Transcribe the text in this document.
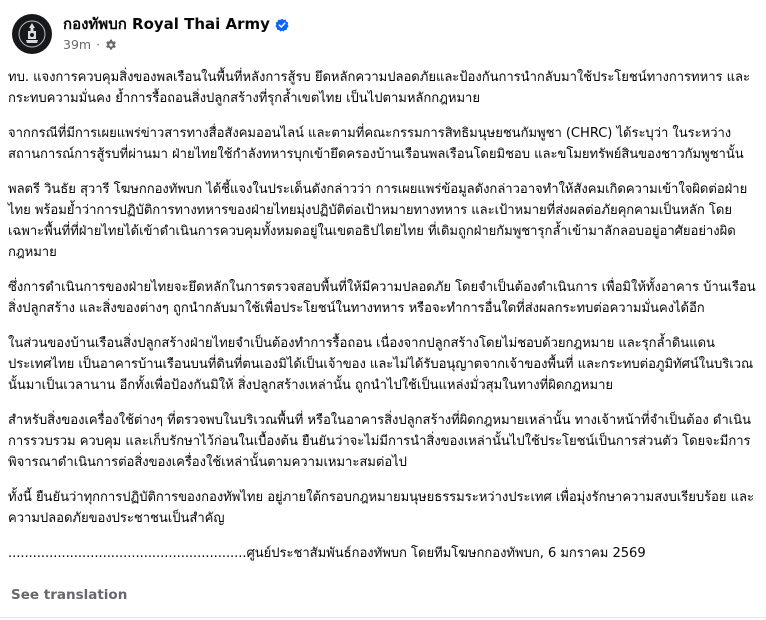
กองทัพบก Royal Thai Army
39m ·

ทบ. แจงการควบคุมสิ่งของพลเรือนในพื้นที่หลังการสู้รบ ยึดหลักความปลอดภัยและป้องกันการนำกลับมาใช้ประโยชน์ทางการทหาร และกระทบความมั่นคง ย้ำการรื้อถอนสิ่งปลูกสร้างที่รุกล้ำเขตไทย เป็นไปตามหลักกฎหมาย

จากกรณีที่มีการเผยแพร่ข่าวสารทางสื่อสังคมออนไลน์ และตามที่คณะกรรมการสิทธิมนุษยชนกัมพูชา (CHRC) ได้ระบุว่า ในระหว่างสถานการณ์การสู้รบที่ผ่านมา ฝ่ายไทยใช้กำลังทหารบุกเข้ายึดครองบ้านเรือนพลเรือนโดยมิชอบ และขโมยทรัพย์สินของชาวกัมพูชานั้น

พลตรี วินธัย สุวารี โฆษกกองทัพบก ได้ชี้แจงในประเด็นดังกล่าวว่า การเผยแพร่ข้อมูลดังกล่าวอาจทำให้สังคมเกิดความเข้าใจผิดต่อฝ่ายไทย พร้อมย้ำว่าการปฏิบัติการทางทหารของฝ่ายไทยมุ่งปฏิบัติต่อเป้าหมายทางทหาร และเป้าหมายที่ส่งผลต่อภัยคุกคามเป็นหลัก โดยเฉพาะพื้นที่ที่ฝ่ายไทยได้เข้าดำเนินการควบคุมทั้งหมดอยู่ในเขตอธิปไตยไทย ที่เดิมถูกฝ่ายกัมพูชารุกล้ำเข้ามาลักลอบอยู่อาศัยอย่างผิดกฎหมาย

ซึ่งการดำเนินการของฝ่ายไทยจะยึดหลักในการตรวจสอบพื้นที่ให้มีความปลอดภัย โดยจำเป็นต้องดำเนินการ เพื่อมิให้ทั้งอาคาร บ้านเรือน สิ่งปลูกสร้าง และสิ่งของต่างๆ ถูกนำกลับมาใช้เพื่อประโยชน์ในทางทหาร หรือจะทำการอื่นใดที่ส่งผลกระทบต่อความมั่นคงได้อีก

ในส่วนของบ้านเรือนสิ่งปลูกสร้างฝ่ายไทยจำเป็นต้องทำการรื้อถอน เนื่องจากปลูกสร้างโดยไม่ชอบด้วยกฎหมาย และรุกล้ำดินแดนประเทศไทย เป็นอาคารบ้านเรือนบนที่ดินที่ตนเองมิได้เป็นเจ้าของ และไม่ได้รับอนุญาตจากเจ้าของพื้นที่ และกระทบต่อภูมิทัศน์ในบริเวณนั้นมาเป็นเวลานาน อีกทั้งเพื่อป้องกันมิให้ สิ่งปลูกสร้างเหล่านั้น ถูกนำไปใช้เป็นแหล่งมั่วสุมในทางที่ผิดกฎหมาย

สำหรับสิ่งของเครื่องใช้ต่างๆ ที่ตรวจพบในบริเวณพื้นที่ หรือในอาคารสิ่งปลูกสร้างที่ผิดกฎหมายเหล่านั้น ทางเจ้าหน้าที่จำเป็นต้อง ดำเนินการรวบรวม ควบคุม และเก็บรักษาไว้ก่อนในเบื้องต้น ยืนยันว่าจะไม่มีการนำสิ่งของเหล่านั้นไปใช้ประโยชน์เป็นการส่วนตัว โดยจะมีการพิจารณาดำเนินการต่อสิ่งของเครื่องใช้เหล่านั้นตามความเหมาะสมต่อไป

ทั้งนี้ ยืนยันว่าทุกการปฏิบัติการของกองทัพไทย อยู่ภายใต้กรอบกฎหมายมนุษยธรรมระหว่างประเทศ เพื่อมุ่งรักษาความสงบเรียบร้อย และความปลอดภัยของประชาชนเป็นสำคัญ

..........................................................ศูนย์ประชาสัมพันธ์กองทัพบก โดยทีมโฆษกกองทัพบก, 6 มกราคม 2569

See translation
